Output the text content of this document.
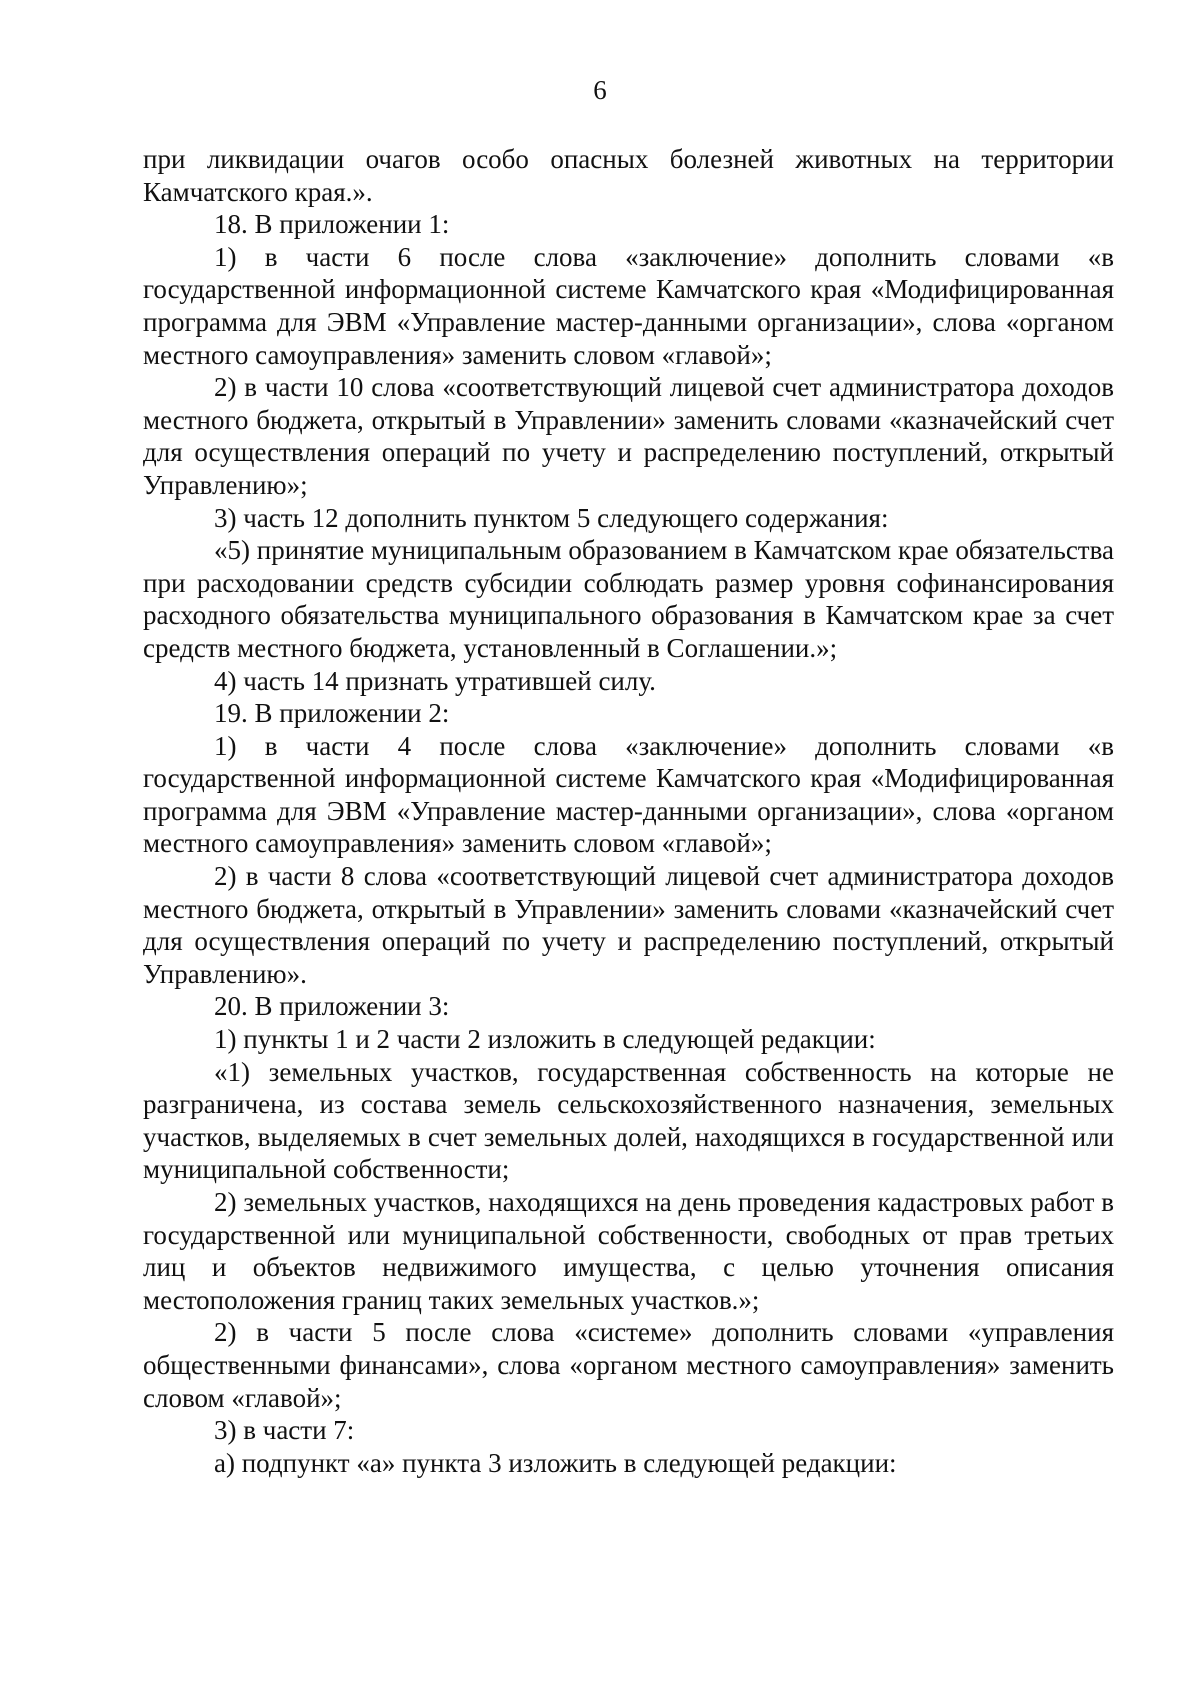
6

при ликвидации очагов особо опасных болезней животных на территории Камчатского края.».

18. В приложении 1:

1) в части 6 после слова «заключение» дополнить словами «в государственной информационной системе Камчатского края «Модифицированная программа для ЭВМ «Управление мастер-данными организации», слова «органом местного самоуправления» заменить словом «главой»;

2) в части 10 слова «соответствующий лицевой счет администратора доходов местного бюджета, открытый в Управлении» заменить словами «казначейский счет для осуществления операций по учету и распределению поступлений, открытый Управлению»;

3) часть 12 дополнить пунктом 5 следующего содержания:

«5) принятие муниципальным образованием в Камчатском крае обязательства при расходовании средств субсидии соблюдать размер уровня софинансирования расходного обязательства муниципального образования в Камчатском крае за счет средств местного бюджета, установленный в Соглашении.»;

4) часть 14 признать утратившей силу.

19. В приложении 2:

1) в части 4 после слова «заключение» дополнить словами «в государственной информационной системе Камчатского края «Модифицированная программа для ЭВМ «Управление мастер-данными организации», слова «органом местного самоуправления» заменить словом «главой»;

2) в части 8 слова «соответствующий лицевой счет администратора доходов местного бюджета, открытый в Управлении» заменить словами «казначейский счет для осуществления операций по учету и распределению поступлений, открытый Управлению».

20. В приложении 3:

1) пункты 1 и 2 части 2 изложить в следующей редакции:

«1) земельных участков, государственная собственность на которые не разграничена, из состава земель сельскохозяйственного назначения, земельных участков, выделяемых в счет земельных долей, находящихся в государственной или муниципальной собственности;

2) земельных участков, находящихся на день проведения кадастровых работ в государственной или муниципальной собственности, свободных от прав третьих лиц и объектов недвижимого имущества, с целью уточнения описания местоположения границ таких земельных участков.»;

2) в части 5 после слова «системе» дополнить словами «управления общественными финансами», слова «органом местного самоуправления» заменить словом «главой»;

3) в части 7:

а) подпункт «а» пункта 3 изложить в следующей редакции:
